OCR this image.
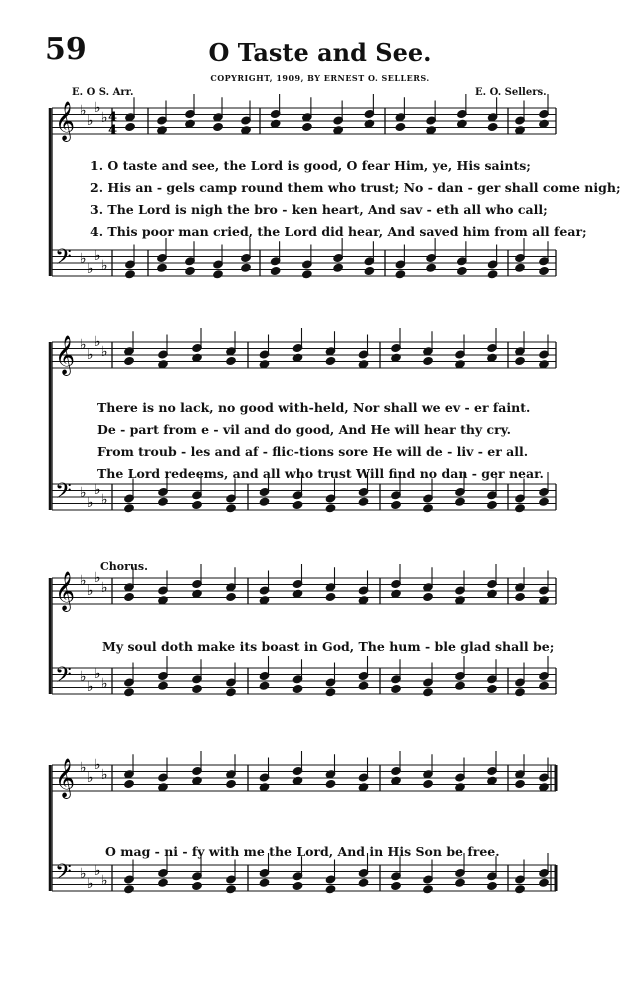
59	O Taste and See.
COPYRIGHT, 1909, BY ERNEST O. SELLERS.
E. O S. Arr.	E. O. Sellers.
Chorus.
𝄞
𝄢
♭
♭
♭
♭
♭
♭
♭
♭
𝄞
𝄢
♭
♭
♭
♭
♭
♭
♭
♭
𝄞
𝄢
♭
♭
♭
♭
♭
♭
♭
♭
𝄞
𝄢
♭
♭
♭
♭
♭
♭
♭
♭
4
4
1. O taste and see, the Lord is good, O fear Him, ye, His saints;
2. His an - gels camp round them who trust; No - dan - ger shall come nigh;
3. The Lord is nigh the bro - ken heart, And sav - eth all who call;
4. This poor man cried, the Lord did hear, And saved him from all fear;
There is no lack, no good with-held, Nor shall we ev - er faint.
De - part from e - vil and do good, And He will hear thy cry.
From troub - les and af - flic-tions sore He will de - liv - er all.
The Lord redeems, and all who trust Will find no dan - ger near.
My soul doth make its boast in God, The hum - ble glad shall be;
O mag - ni - fy with me the Lord, And in His Son be free.
